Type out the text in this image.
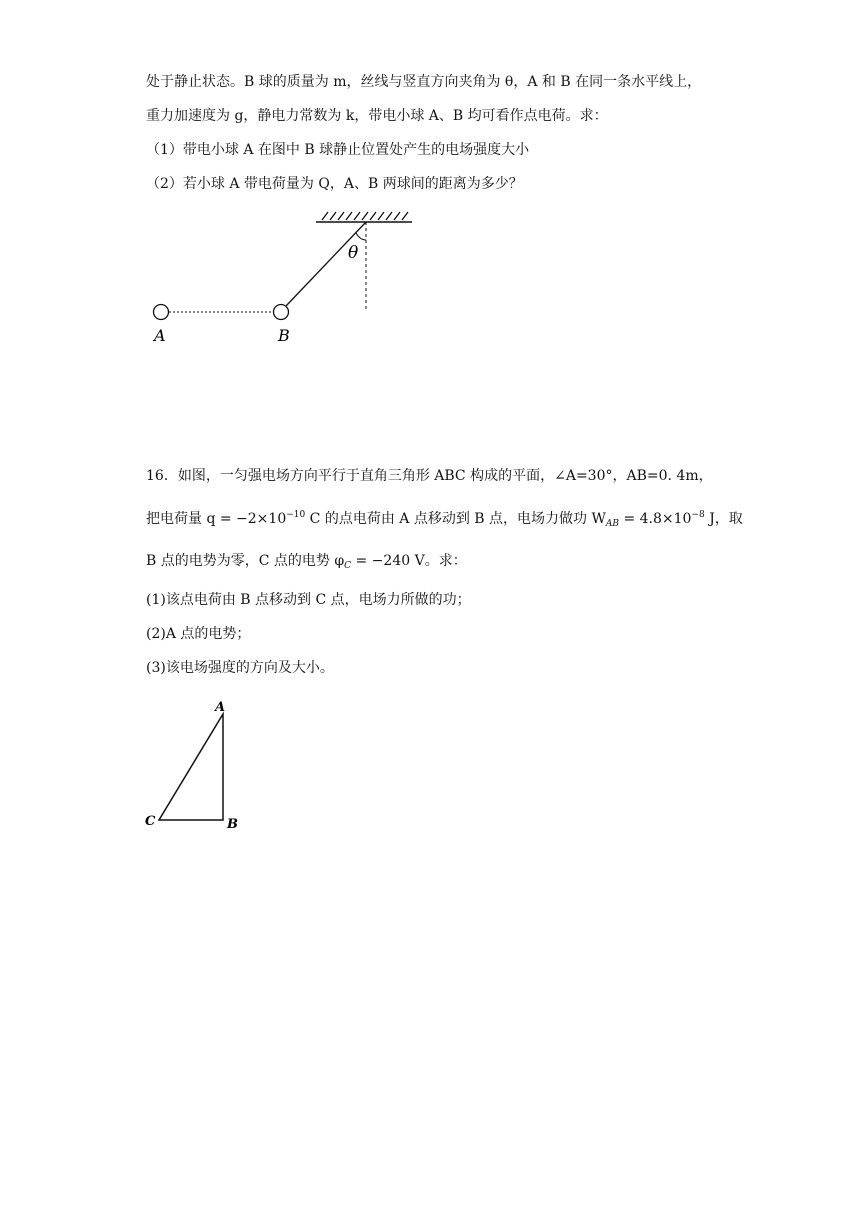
处于静止状态。B 球的质量为 m，丝线与竖直方向夹角为 θ，A 和 B 在同一条水平线上，
重力加速度为 g，静电力常数为 k，带电小球 A、B 均可看作点电荷。求：
（1）带电小球 A 在图中 B 球静止位置处产生的电场强度大小
（2）若小球 A 带电荷量为 Q，A、B 两球间的距离为多少？
θ
A	B
16．如图，一匀强电场方向平行于直角三角形 ABC 构成的平面，∠A=30°，AB=0. 4m，
把电荷量 $q = -2\times 10^{-10}$ C 的点电荷由 A 点移动到 B 点，电场力做功 $W_{AB} = 4.8\times 10^{-8}$ J，取
B 点的电势为零，C 点的电势 $\varphi_C = -240$ V。求：
(1)该点电荷由 B 点移动到 C 点，电场力所做的功；
(2)A 点的电势；
(3)该电场强度的方向及大小。
A
B
C
